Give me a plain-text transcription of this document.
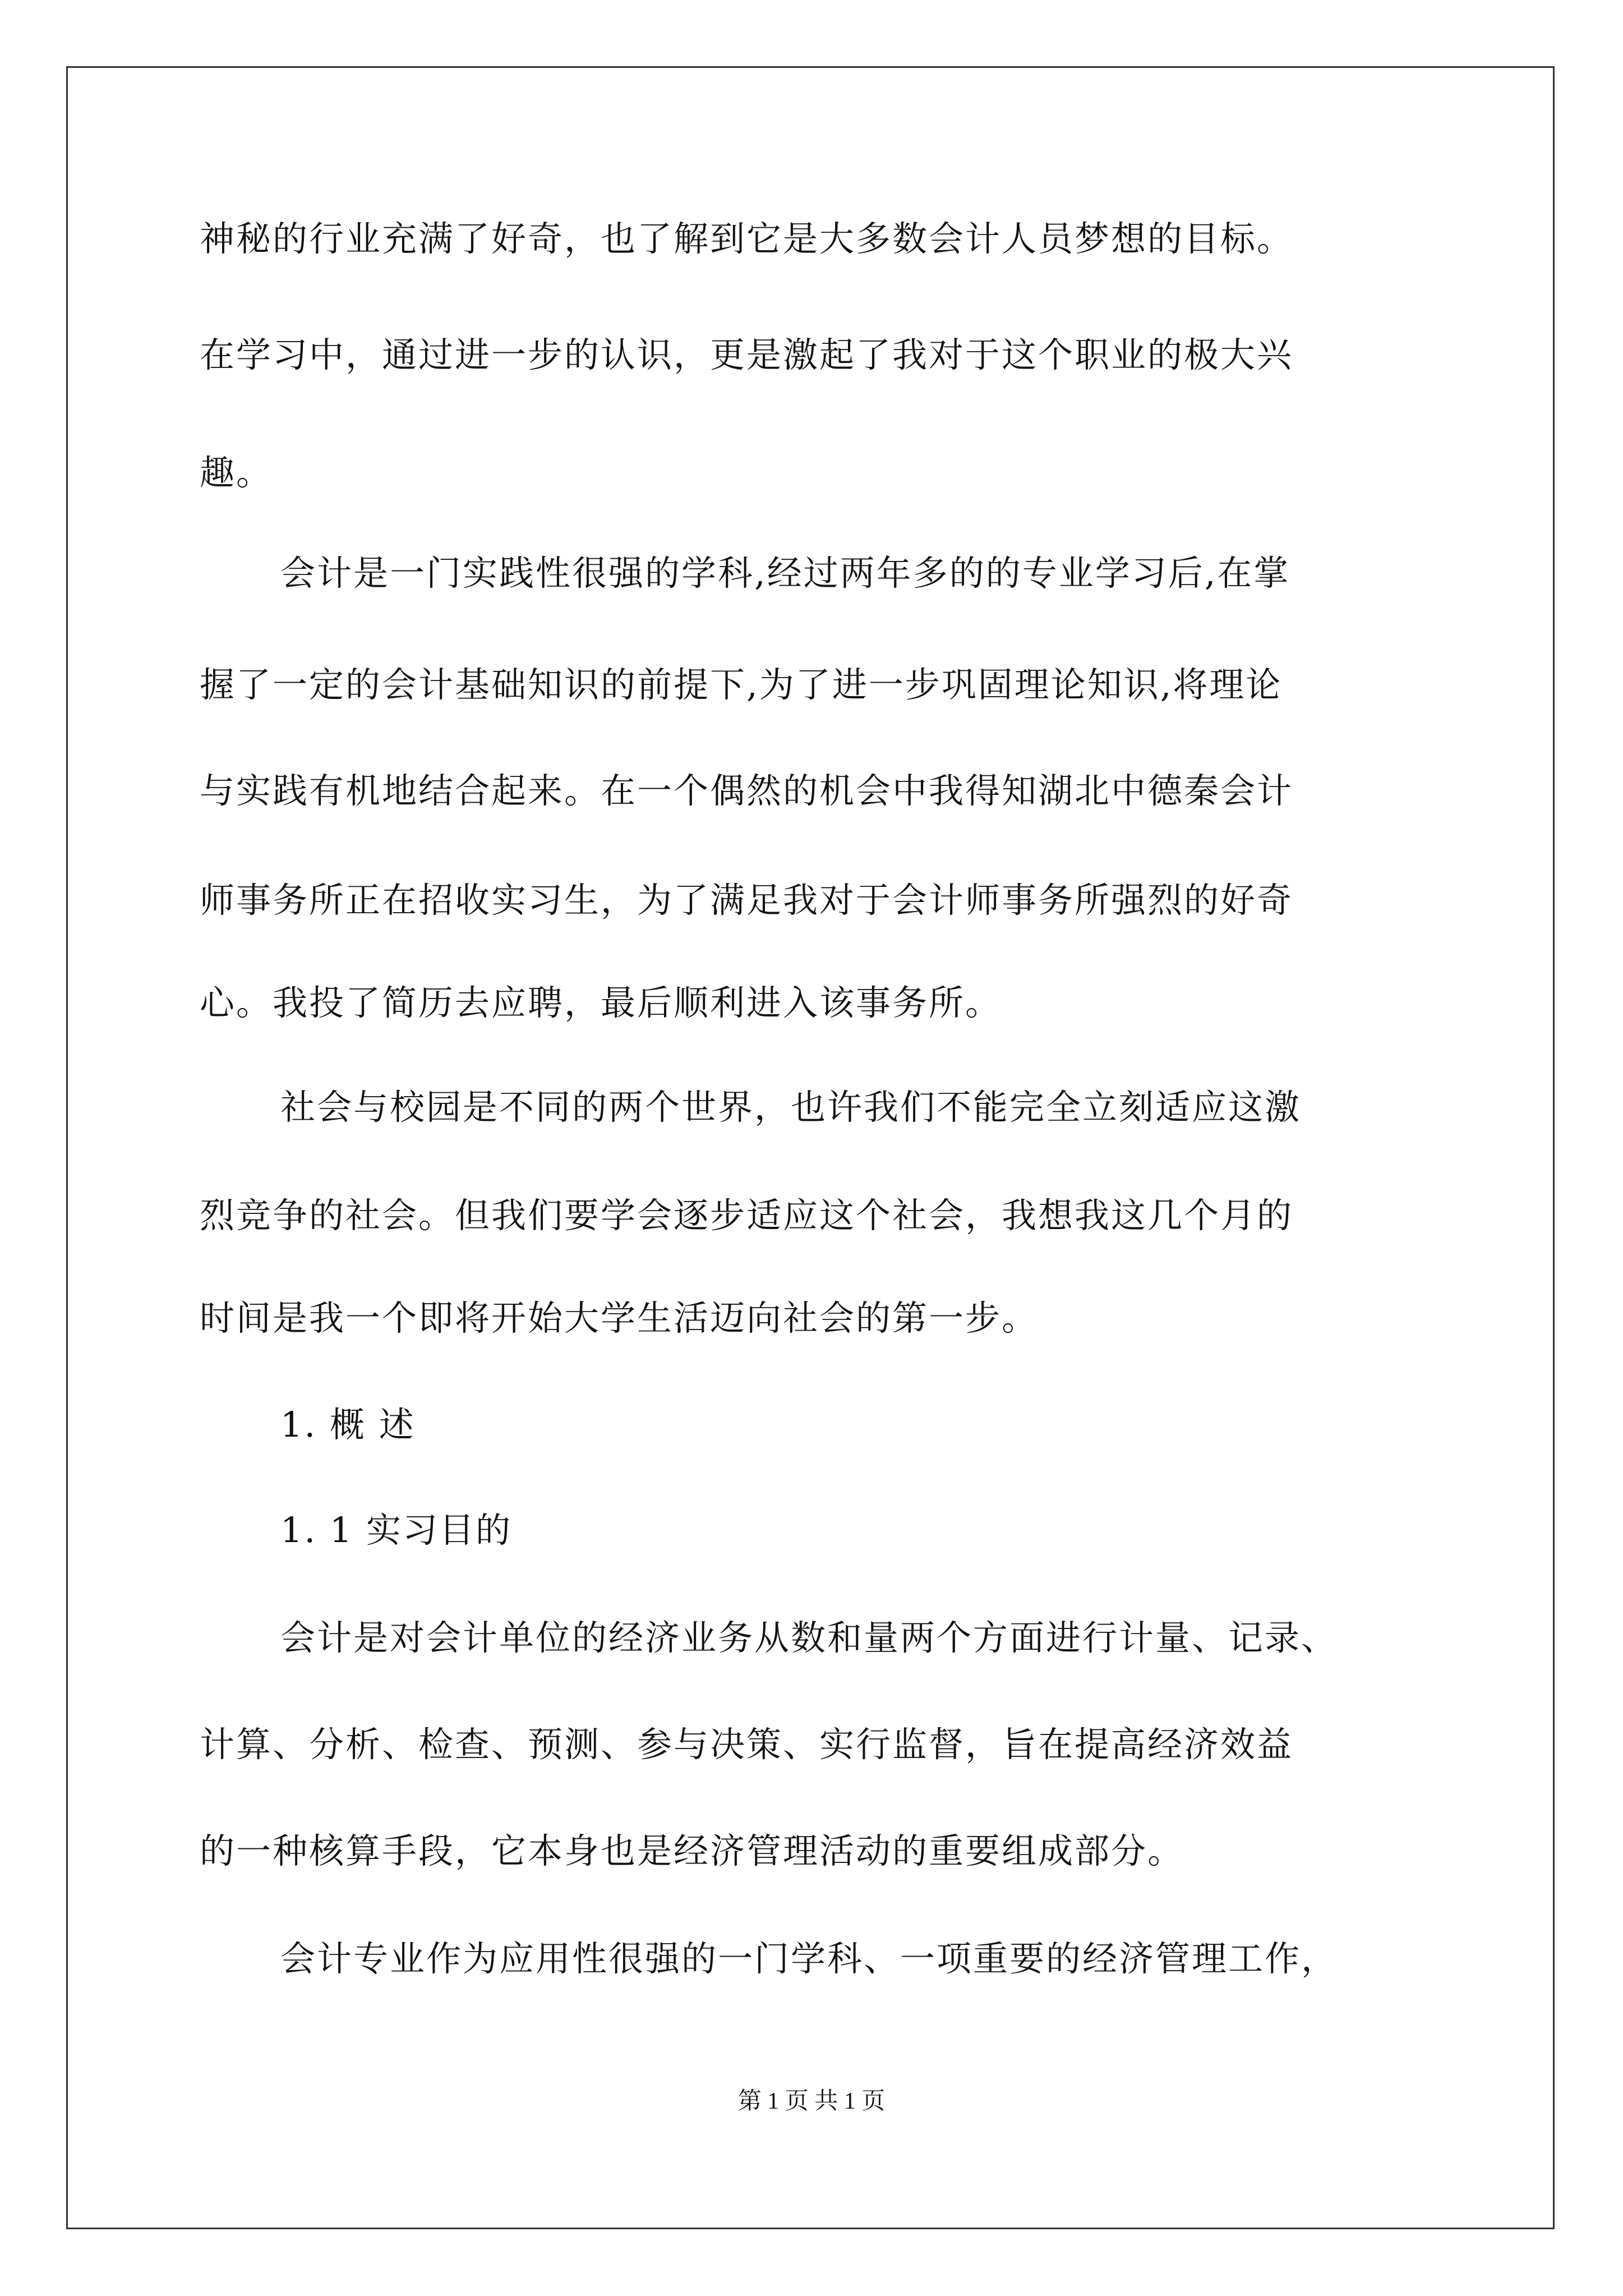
神秘的行业充满了好奇，也了解到它是大多数会计人员梦想的目标。
在学习中，通过进一步的认识，更是激起了我对于这个职业的极大兴
趣。
会计是一门实践性很强的学科,经过两年多的的专业学习后,在掌
握了一定的会计基础知识的前提下,为了进一步巩固理论知识,将理论
与实践有机地结合起来。在一个偶然的机会中我得知湖北中德秦会计
师事务所正在招收实习生，为了满足我对于会计师事务所强烈的好奇
心。我投了简历去应聘，最后顺利进入该事务所。
社会与校园是不同的两个世界，也许我们不能完全立刻适应这激
烈竞争的社会。但我们要学会逐步适应这个社会，我想我这几个月的
时间是我一个即将开始大学生活迈向社会的第一步。
1. 概 述
1. 1 实习目的
会计是对会计单位的经济业务从数和量两个方面进行计量、记录、
计算、分析、检查、预测、参与决策、实行监督，旨在提高经济效益
的一种核算手段，它本身也是经济管理活动的重要组成部分。
会计专业作为应用性很强的一门学科、一项重要的经济管理工作，
第 1 页 共 1 页
